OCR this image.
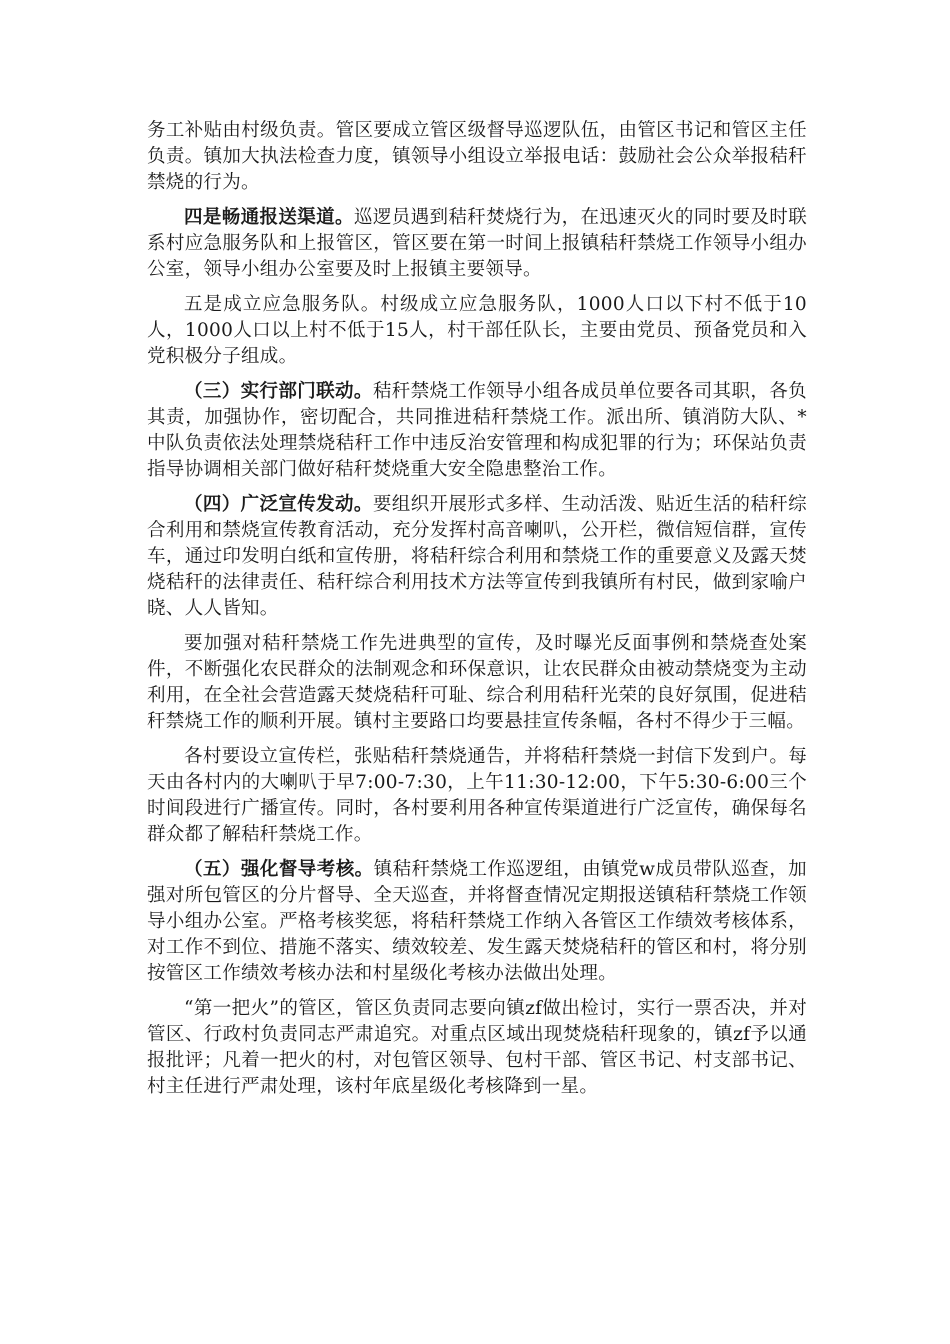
务工补贴由村级负责。管区要成立管区级督导巡逻队伍，由管区书记和管区主任负责。镇加大执法检查力度，镇领导小组设立举报电话：鼓励社会公众举报秸秆禁烧的行为。

四是畅通报送渠道。巡逻员遇到秸秆焚烧行为，在迅速灭火的同时要及时联系村应急服务队和上报管区，管区要在第一时间上报镇秸秆禁烧工作领导小组办公室，领导小组办公室要及时上报镇主要领导。

五是成立应急服务队。村级成立应急服务队，1000人口以下村不低于10人，1000人口以上村不低于15人，村干部任队长，主要由党员、预备党员和入党积极分子组成。

（三）实行部门联动。秸秆禁烧工作领导小组各成员单位要各司其职，各负其责，加强协作，密切配合，共同推进秸秆禁烧工作。派出所、镇消防大队、*中队负责依法处理禁烧秸秆工作中违反治安管理和构成犯罪的行为；环保站负责指导协调相关部门做好秸秆焚烧重大安全隐患整治工作。

（四）广泛宣传发动。要组织开展形式多样、生动活泼、贴近生活的秸秆综合利用和禁烧宣传教育活动，充分发挥村高音喇叭，公开栏，微信短信群，宣传车，通过印发明白纸和宣传册，将秸秆综合利用和禁烧工作的重要意义及露天焚烧秸秆的法律责任、秸秆综合利用技术方法等宣传到我镇所有村民，做到家喻户晓、人人皆知。

要加强对秸秆禁烧工作先进典型的宣传，及时曝光反面事例和禁烧查处案件，不断强化农民群众的法制观念和环保意识，让农民群众由被动禁烧变为主动利用，在全社会营造露天焚烧秸秆可耻、综合利用秸秆光荣的良好氛围，促进秸秆禁烧工作的顺利开展。镇村主要路口均要悬挂宣传条幅，各村不得少于三幅。

各村要设立宣传栏，张贴秸秆禁烧通告，并将秸秆禁烧一封信下发到户。每天由各村内的大喇叭于早7:00-7:30，上午11:30-12:00，下午5:30-6:00三个时间段进行广播宣传。同时，各村要利用各种宣传渠道进行广泛宣传，确保每名群众都了解秸秆禁烧工作。

（五）强化督导考核。镇秸秆禁烧工作巡逻组，由镇党w成员带队巡查，加强对所包管区的分片督导、全天巡查，并将督查情况定期报送镇秸秆禁烧工作领导小组办公室。严格考核奖惩，将秸秆禁烧工作纳入各管区工作绩效考核体系，对工作不到位、措施不落实、绩效较差、发生露天焚烧秸秆的管区和村，将分别按管区工作绩效考核办法和村星级化考核办法做出处理。

“第一把火”的管区，管区负责同志要向镇zf做出检讨，实行一票否决，并对管区、行政村负责同志严肃追究。对重点区域出现焚烧秸秆现象的，镇zf予以通报批评；凡着一把火的村，对包管区领导、包村干部、管区书记、村支部书记、村主任进行严肃处理，该村年底星级化考核降到一星。
